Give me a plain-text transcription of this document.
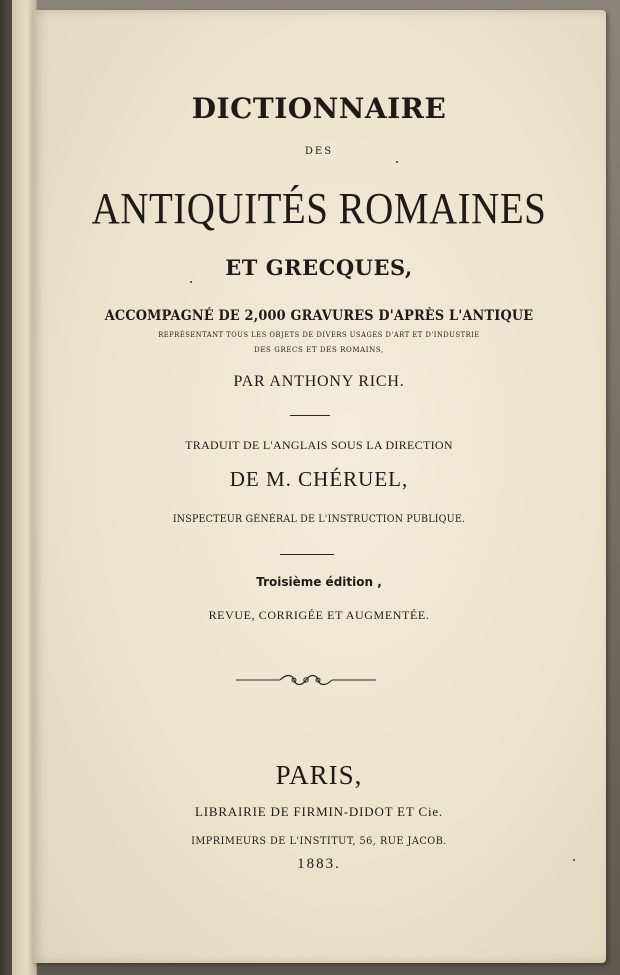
DICTIONNAIRE
DES
ANTIQUITÉS ROMAINES
ET GRECQUES,
ACCOMPAGNÉ DE 2,000 GRAVURES D'APRÈS L'ANTIQUE
REPRÉSENTANT TOUS LES OBJETS DE DIVERS USAGES D'ART ET D'INDUSTRIE
DES GRECS ET DES ROMAINS,
PAR ANTHONY RICH.
TRADUIT DE L'ANGLAIS SOUS LA DIRECTION
DE M. CHÉRUEL,
INSPECTEUR GÉNÉRAL DE L'INSTRUCTION PUBLIQUE.
Troisième édition ,
REVUE, CORRIGÉE ET AUGMENTÉE.
PARIS,
LIBRAIRIE DE FIRMIN-DIDOT ET Cie.
IMPRIMEURS DE L'INSTITUT, 56, RUE JACOB.
1883.
